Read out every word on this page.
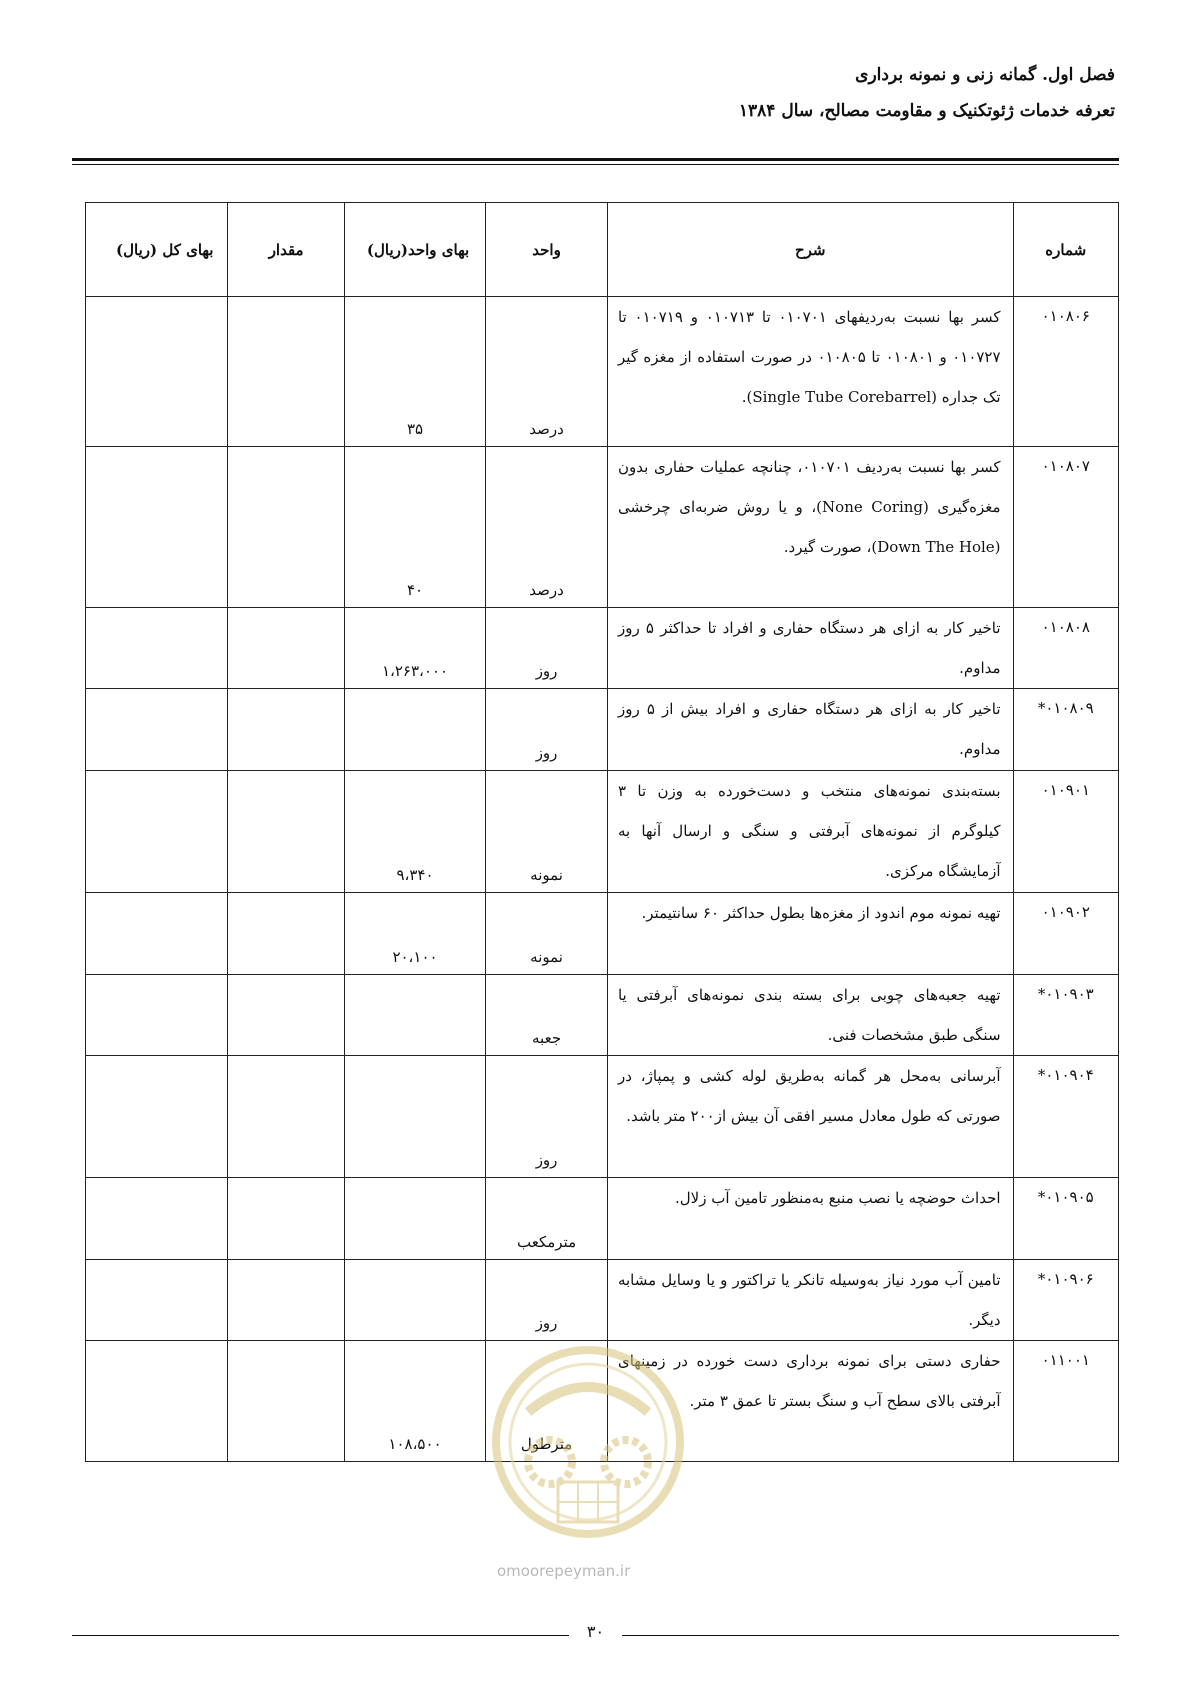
فصل اول. گمانه زنی و نمونه برداری
تعرفه خدمات ژئوتکنیک و مقاومت مصالح، سال ۱۳۸۴
شماره	شرح	واحد	بهای واحد(ریال)	مقدار	بهای کل (ریال)
۰۱۰۸۰۶	کسر بها نسبت به‌ردیفهای ۰۱۰۷۰۱ تا ۰۱۰۷۱۳ و ۰۱۰۷۱۹ تا ۰۱۰۷۲۷ و ۰۱۰۸۰۱ تا ۰۱۰۸۰۵ در صورت استفاده از مغزه گیر تک جداره (Single Tube Corebarrel).	درصد	۳۵		
۰۱۰۸۰۷	کسر بها نسبت به‌ردیف ۰۱۰۷۰۱، چنانچه عملیات حفاری بدون مغزه‌گیری (None Coring)، و یا روش ضربه‌ای چرخشی (Down The Hole)، صورت گیرد.	درصد	۴۰		
۰۱۰۸۰۸	تاخیر کار به ازای هر دستگاه حفاری و افراد تا حداکثر ۵ روز مداوم.	روز	۱،۲۶۳،۰۰۰		
*۰۱۰۸۰۹	تاخیر کار به ازای هر دستگاه حفاری و افراد بیش از ۵ روز مداوم.	روز			
۰۱۰۹۰۱	بسته‌بندی نمونه‌های منتخب و دست‌خورده به وزن تا ۳ کیلوگرم از نمونه‌های آبرفتی و سنگی و ارسال آنها به آزمایشگاه مرکزی.	نمونه	۹،۳۴۰		
۰۱۰۹۰۲	تهیه نمونه موم اندود از مغزه‌ها بطول حداکثر ۶۰ سانتیمتر.	نمونه	۲۰،۱۰۰		
*۰۱۰۹۰۳	تهیه جعبه‌های چوبی برای بسته بندی نمونه‌های آبرفتی یا سنگی طبق مشخصات فنی.	جعبه			
*۰۱۰۹۰۴	آبرسانی به‌محل هر گمانه به‌طریق لوله کشی و پمپاژ، در صورتی که طول معادل مسیر افقی آن بیش از۲۰۰ متر باشد.	روز			
*۰۱۰۹۰۵	احداث حوضچه یا نصب منبع به‌منظور تامین آب زلال.	مترمکعب			
*۰۱۰۹۰۶	تامین آب مورد نیاز به‌وسیله تانکر یا تراکتور و یا وسایل مشابه دیگر.	روز			
۰۱۱۰۰۱	حفاری دستی برای نمونه برداری دست خورده در زمینهای آبرفتی بالای سطح آب و سنگ بستر تا عمق ۳ متر.	مترطول	۱۰۸،۵۰۰		
omoorepeyman.ir
۳۰
